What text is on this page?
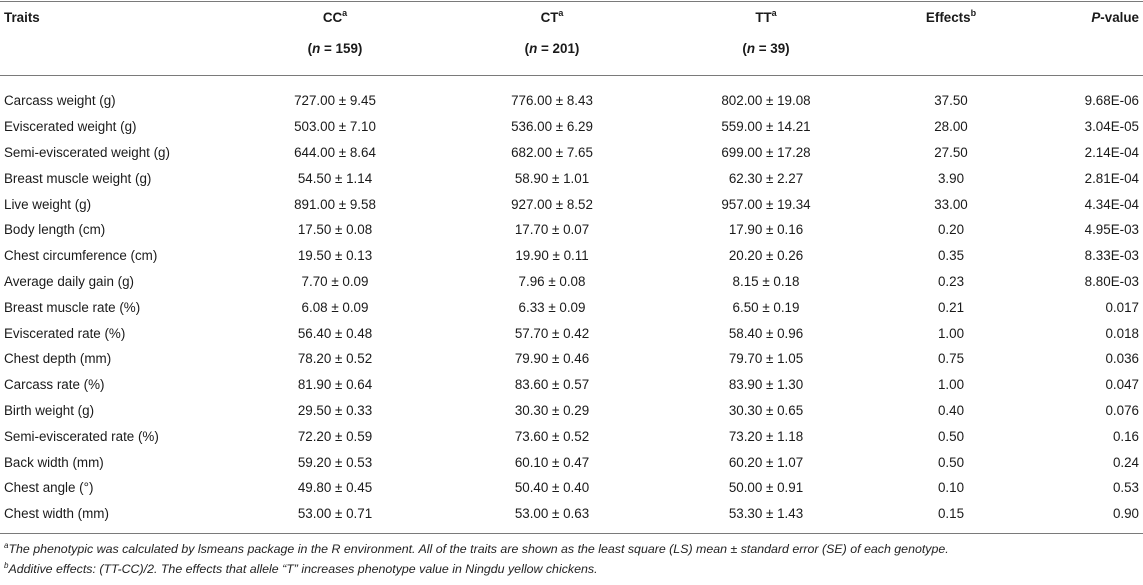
Traits	$CC^a$	$CT^a$	$TT^a$	Effects$^b$	P-value
	(n = 159)	(n = 201)	(n = 39)		
Carcass weight (g)	727.00 ± 9.45	776.00 ± 8.43	802.00 ± 19.08	37.50	9.68E-06
Eviscerated weight (g)	503.00 ± 7.10	536.00 ± 6.29	559.00 ± 14.21	28.00	3.04E-05
Semi-eviscerated weight (g)	644.00 ± 8.64	682.00 ± 7.65	699.00 ± 17.28	27.50	2.14E-04
Breast muscle weight (g)	54.50 ± 1.14	58.90 ± 1.01	62.30 ± 2.27	3.90	2.81E-04
Live weight (g)	891.00 ± 9.58	927.00 ± 8.52	957.00 ± 19.34	33.00	4.34E-04
Body length (cm)	17.50 ± 0.08	17.70 ± 0.07	17.90 ± 0.16	0.20	4.95E-03
Chest circumference (cm)	19.50 ± 0.13	19.90 ± 0.11	20.20 ± 0.26	0.35	8.33E-03
Average daily gain (g)	7.70 ± 0.09	7.96 ± 0.08	8.15 ± 0.18	0.23	8.80E-03
Breast muscle rate (%)	6.08 ± 0.09	6.33 ± 0.09	6.50 ± 0.19	0.21	0.017
Eviscerated rate (%)	56.40 ± 0.48	57.70 ± 0.42	58.40 ± 0.96	1.00	0.018
Chest depth (mm)	78.20 ± 0.52	79.90 ± 0.46	79.70 ± 1.05	0.75	0.036
Carcass rate (%)	81.90 ± 0.64	83.60 ± 0.57	83.90 ± 1.30	1.00	0.047
Birth weight (g)	29.50 ± 0.33	30.30 ± 0.29	30.30 ± 0.65	0.40	0.076
Semi-eviscerated rate (%)	72.20 ± 0.59	73.60 ± 0.52	73.20 ± 1.18	0.50	0.16
Back width (mm)	59.20 ± 0.53	60.10 ± 0.47	60.20 ± 1.07	0.50	0.24
Chest angle (°)	49.80 ± 0.45	50.40 ± 0.40	50.00 ± 0.91	0.10	0.53
Chest width (mm)	53.00 ± 0.71	53.00 ± 0.63	53.30 ± 1.43	0.15	0.90
$^a$The phenotypic was calculated by lsmeans package in the R environment. All of the traits are shown as the least square (LS) mean ± standard error (SE) of each genotype.
$^b$Additive effects: (TT-CC)/2. The effects that allele “T” increases phenotype value in Ningdu yellow chickens.
